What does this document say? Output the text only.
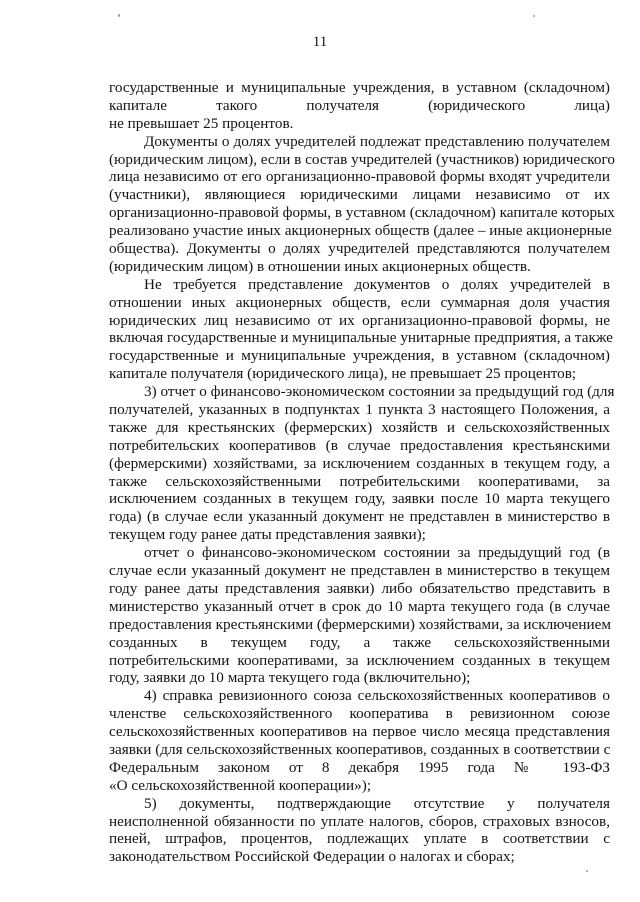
11
государственные и муниципальные учреждения, в уставном (складочном)
капитале такого получателя (юридического лица)
не превышает 25 процентов.
Документы о долях учредителей подлежат представлению получателем
(юридическим лицом), если в состав учредителей (участников) юридического
лица независимо от его организационно-правовой формы входят учредители
(участники), являющиеся юридическими лицами независимо от их
организационно-правовой формы, в уставном (складочном) капитале которых
реализовано участие иных акционерных обществ (далее – иные акционерные
общества). Документы о долях учредителей представляются получателем
(юридическим лицом) в отношении иных акционерных обществ.
Не требуется представление документов о долях учредителей в
отношении иных акционерных обществ, если суммарная доля участия
юридических лиц независимо от их организационно-правовой формы, не
включая государственные и муниципальные унитарные предприятия, а также
государственные и муниципальные учреждения, в уставном (складочном)
капитале получателя (юридического лица), не превышает 25 процентов;
3) отчет о финансово-экономическом состоянии за предыдущий год (для
получателей, указанных в подпунктах 1 пункта 3 настоящего Положения, а
также для крестьянских (фермерских) хозяйств и сельскохозяйственных
потребительских кооперативов (в случае предоставления крестьянскими
(фермерскими) хозяйствами, за исключением созданных в текущем году, а
также сельскохозяйственными потребительскими кооперативами, за
исключением созданных в текущем году, заявки после 10 марта текущего
года) (в случае если указанный документ не представлен в министерство в
текущем году ранее даты представления заявки);
отчет о финансово-экономическом состоянии за предыдущий год (в
случае если указанный документ не представлен в министерство в текущем
году ранее даты представления заявки) либо обязательство представить в
министерство указанный отчет в срок до 10 марта текущего года (в случае
предоставления крестьянскими (фермерскими) хозяйствами, за исключением
созданных в текущем году, а также сельскохозяйственными
потребительскими кооперативами, за исключением созданных в текущем
году, заявки до 10 марта текущего года (включительно);
4) справка ревизионного союза сельскохозяйственных кооперативов о
членстве сельскохозяйственного кооператива в ревизионном союзе
сельскохозяйственных кооперативов на первое число месяца представления
заявки (для сельскохозяйственных кооперативов, созданных в соответствии с
Федеральным законом от 8 декабря 1995 года № 193-ФЗ
«О сельскохозяйственной кооперации»);
5) документы, подтверждающие отсутствие у получателя
неисполненной обязанности по уплате налогов, сборов, страховых взносов,
пеней, штрафов, процентов, подлежащих уплате в соответствии с
законодательством Российской Федерации о налогах и сборах;
